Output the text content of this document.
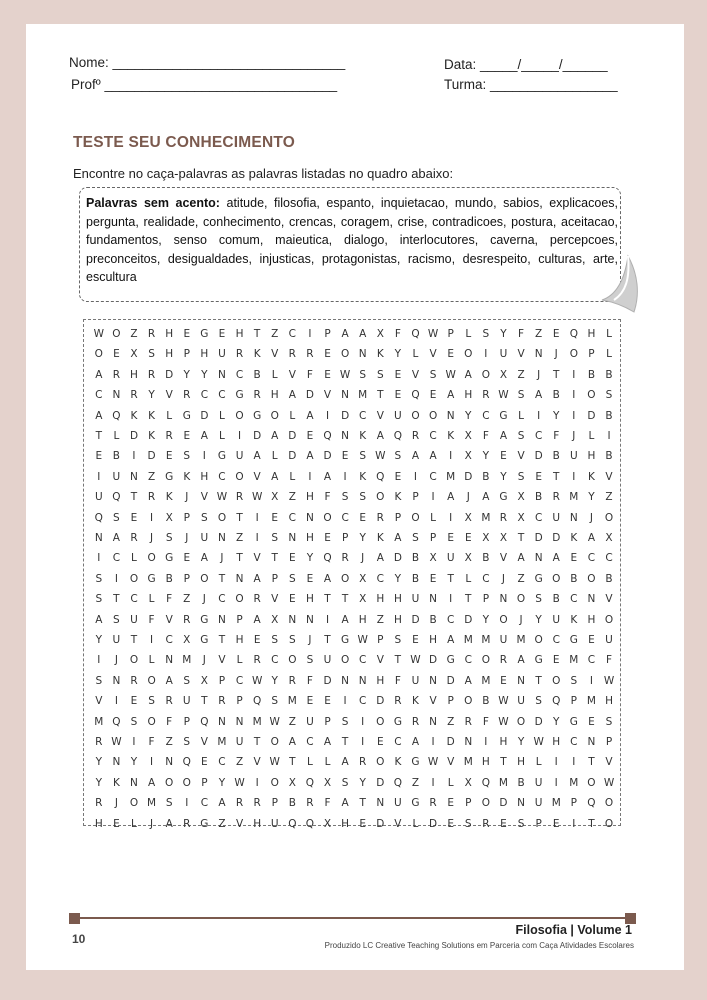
Nome: _______________________________
Profº _______________________________
Data: _____/_____/______
Turma: _________________
TESTE SEU CONHECIMENTO
Encontre no caça-palavras as palavras listadas no quadro abaixo:
Palavras sem acento: atitude, filosofia, espanto, inquietacao, mundo, sabios, explicacoes, pergunta, realidade, conhecimento, crencas, coragem, crise, contradicoes, postura, aceitacao, fundamentos, senso comum, maieutica, dialogo, interlocutores, caverna, percepcoes, preconceitos, desigualdades, injusticas, protagonistas, racismo, desrespeito, culturas, arte, escultura
W O Z R H E G E H T	Z C	I	P	A A X	F Q W P	L	S	Y	F	Z	E Q H	L
O E	X	S H P H U R	K	V R R	E O N K	Y	L	V	E O	I	U V N	J	O P	L
A R H R D Y	Y N C B	L	V	F	E W S	S	E	V	S W A O X Z	J	T	I	B B
C N R	Y	V R C C G R H A D V N M T	E Q E	A H R W S	A B	I	O S
A Q K	K	L	G D	L	O G O	L	A	I	D C V U O O N Y	C G	L	I	Y	I	D B
T	L	D K	R	E	A	L	I	D A D E Q N K	A Q R C K	X	F	A	S	C	F	J	L	I
E	B	I	D E	S	I	G U A	L	D A D E	S W S	A A	I	X	Y	E	V D B U H B
I	U N Z G K H C O V A	L	I	A	I	K Q E	I	C M D B	Y	S	E	T	I	K	V
U Q T	R	K	J	V W R W X Z H	F	S	S O K	P	I	A	J	A G X B R M Y	Z
Q S	E	I	X	P	S O T	I	E	C N O C	E	R	P O	L	I	X M R X C U N	J	O
N A R	J	S	J	U N Z	I	S N H E	P	Y	K	A	S	P	E	E	X X	T D D K	A X
I	C	L	O G E	A	J	T	V	T	E	Y Q R	J	A D B X U X B V A N A	E	C C
S	I	O G B	P O T N A	P	S	E	A O X C	Y	B	E	T	L	C	J	Z G O B O B
S	T	C	L	F	Z	J	C O R V	E H T	T	X H H U N	I	T	P N O S	B C N V
A	S U	F	V R G N	P	A X N N	I	A H Z H D B C D Y O	J	Y	U K H O
Y	U	T	I	C X G T H E	S	S	J	T G W P	S	E H A M M U M O C G E U
I	J	O	L	N M	J	V	L	R C O S U O C V	T W D G C O R A G E M C	F
S N R O A	S	X	P	C W Y	R	F	D N N H	F	U N D A M E N T O S	I	W
V	I	E	S	R U	T	R	P Q S M E	E	I	C D R	K	V	P O B W U S Q P M H
M Q S O F	P Q N N M W Z U	P	S	I	O G R N Z R	F W O D Y G E	S
R W	I	F	Z	S	V M U	T O A C A	T	I	E	C A	I	D N	I	H Y W H C N	P
Y N Y	I	N Q E	C Z V W T	L	L	A R O K G W V M H T H	L	I	I	T	V
Y	K N A O O P	Y W	I	O X Q X	S	Y D Q Z	I	L	X Q M B U	I	M O W
R	J	O M S	I	C A R R	P	B R	F	A	T N U G R	E	P O D N U M P Q O
H E	L	J	A R G Z V H U Q Q X H E D V	L	D E	S	R	E	S	P	E	I	T O
10
Filosofia | Volume 1
Produzido LC Creative Teaching Solutions em Parceria com Caça Atividades Escolares
